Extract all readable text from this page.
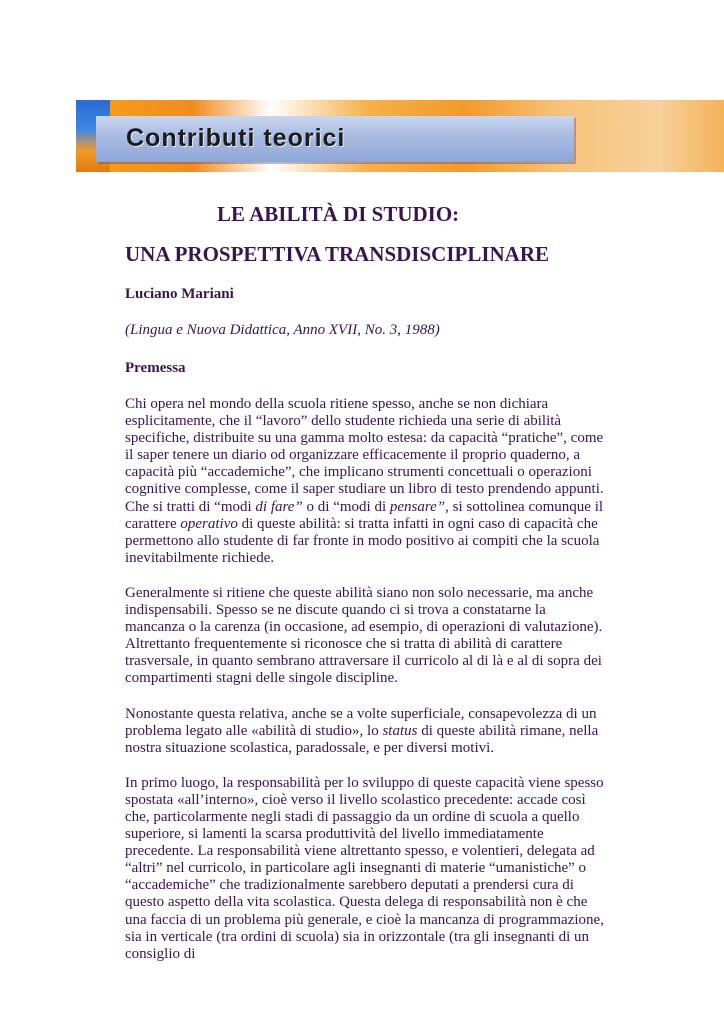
Contributi teorici
LE ABILITÀ DI STUDIO:
UNA PROSPETTIVA TRANSDISCIPLINARE
Luciano Mariani
(Lingua e Nuova Didattica, Anno XVII, No. 3, 1988)
Premessa

Chi opera nel mondo della scuola ritiene spesso, anche se non dichiara esplicitamente, che il “lavoro” dello studente richieda una serie di abilità specifiche, distribuite su una gamma molto estesa: da capacità “pratiche”, come il saper tenere un diario od organizzare efficacemente il proprio quaderno, a capacità più “accademiche”, che implicano strumenti concettuali o operazioni cognitive complesse, come il saper studiare un libro di testo prendendo appunti. Che si tratti di “modi di fare” o di “modi di pensare”, si sottolinea comunque il carattere operativo di queste abilità: si tratta infatti in ogni caso di capacità che permettono allo studente di far fronte in modo positivo ai compiti che la scuola inevitabilmente richiede.

Generalmente si ritiene che queste abilità siano non solo necessarie, ma anche indispensabili. Spesso se ne discute quando ci si trova a constatarne la mancanza o la carenza (in occasione, ad esempio, di operazioni di valutazione). Altrettanto frequentemente si riconosce che si tratta di abilità di carattere trasversale, in quanto sembrano attraversare il curricolo al di là e al di sopra dei compartimenti stagni delle singole discipline.

Nonostante questa relativa, anche se a volte superficiale, consapevolezza di un problema legato alle «abilità di studio», lo status di queste abilità rimane, nella nostra situazione scolastica, paradossale, e per diversi motivi.

In primo luogo, la responsabilità per lo sviluppo di queste capacità viene spesso spostata «all’interno», cioè verso il livello scolastico precedente: accade così che, particolarmente negli stadi di passaggio da un ordine di scuola a quello superiore, si lamenti la scarsa produttività del livello immediatamente precedente. La responsabilità viene altrettanto spesso, e volentieri, delegata ad “altri” nel curricolo, in particolare agli insegnanti di materie “umanistiche” o “accademiche” che tradizionalmente sarebbero deputati a prendersi cura di questo aspetto della vita scolastica. Questa delega di responsabilità non è che una faccia di un problema più generale, e cioè la mancanza di programmazione, sia in verticale (tra ordini di scuola) sia in orizzontale (tra gli insegnanti di un consiglio di
